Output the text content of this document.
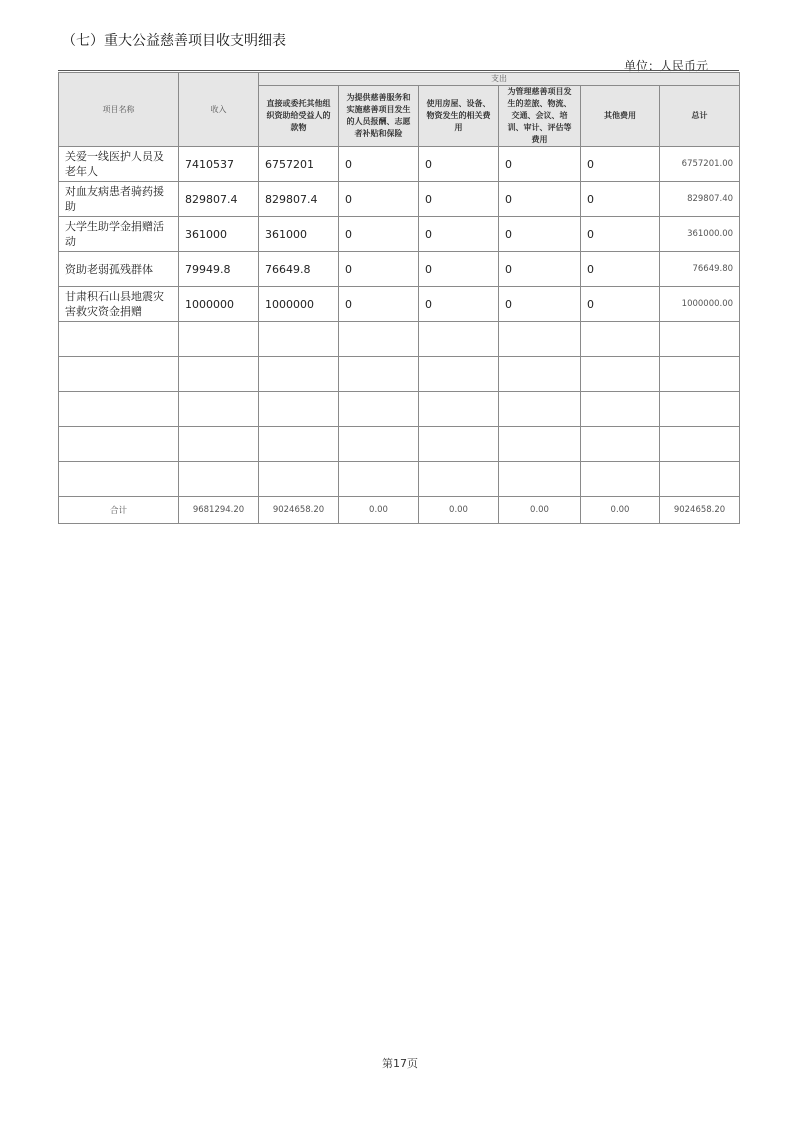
（七）重大公益慈善项目收支明细表
单位：人民币元
项目名称	收入	支出					
		直接或委托其他组织资助给受益人的款物	为提供慈善服务和实施慈善项目发生的人员报酬、志愿者补贴和保险	使用房屋、设备、物资发生的相关费用	为管理慈善项目发生的差旅、物流、交通、会议、培训、审计、评估等费用	其他费用	总计
关爱一线医护人员及老年人	7410537	6757201	0	0	0	0	6757201.00
对血友病患者骑药援助	829807.4	829807.4	0	0	0	0	829807.40
大学生助学金捐赠活动	361000	361000	0	0	0	0	361000.00
资助老弱孤残群体	79949.8	76649.8	0	0	0	0	76649.80
甘肃积石山县地震灾害救灾资金捐赠	1000000	1000000	0	0	0	0	1000000.00

合计	9681294.20	9024658.20	0.00	0.00	0.00	0.00	9024658.20
第17页
